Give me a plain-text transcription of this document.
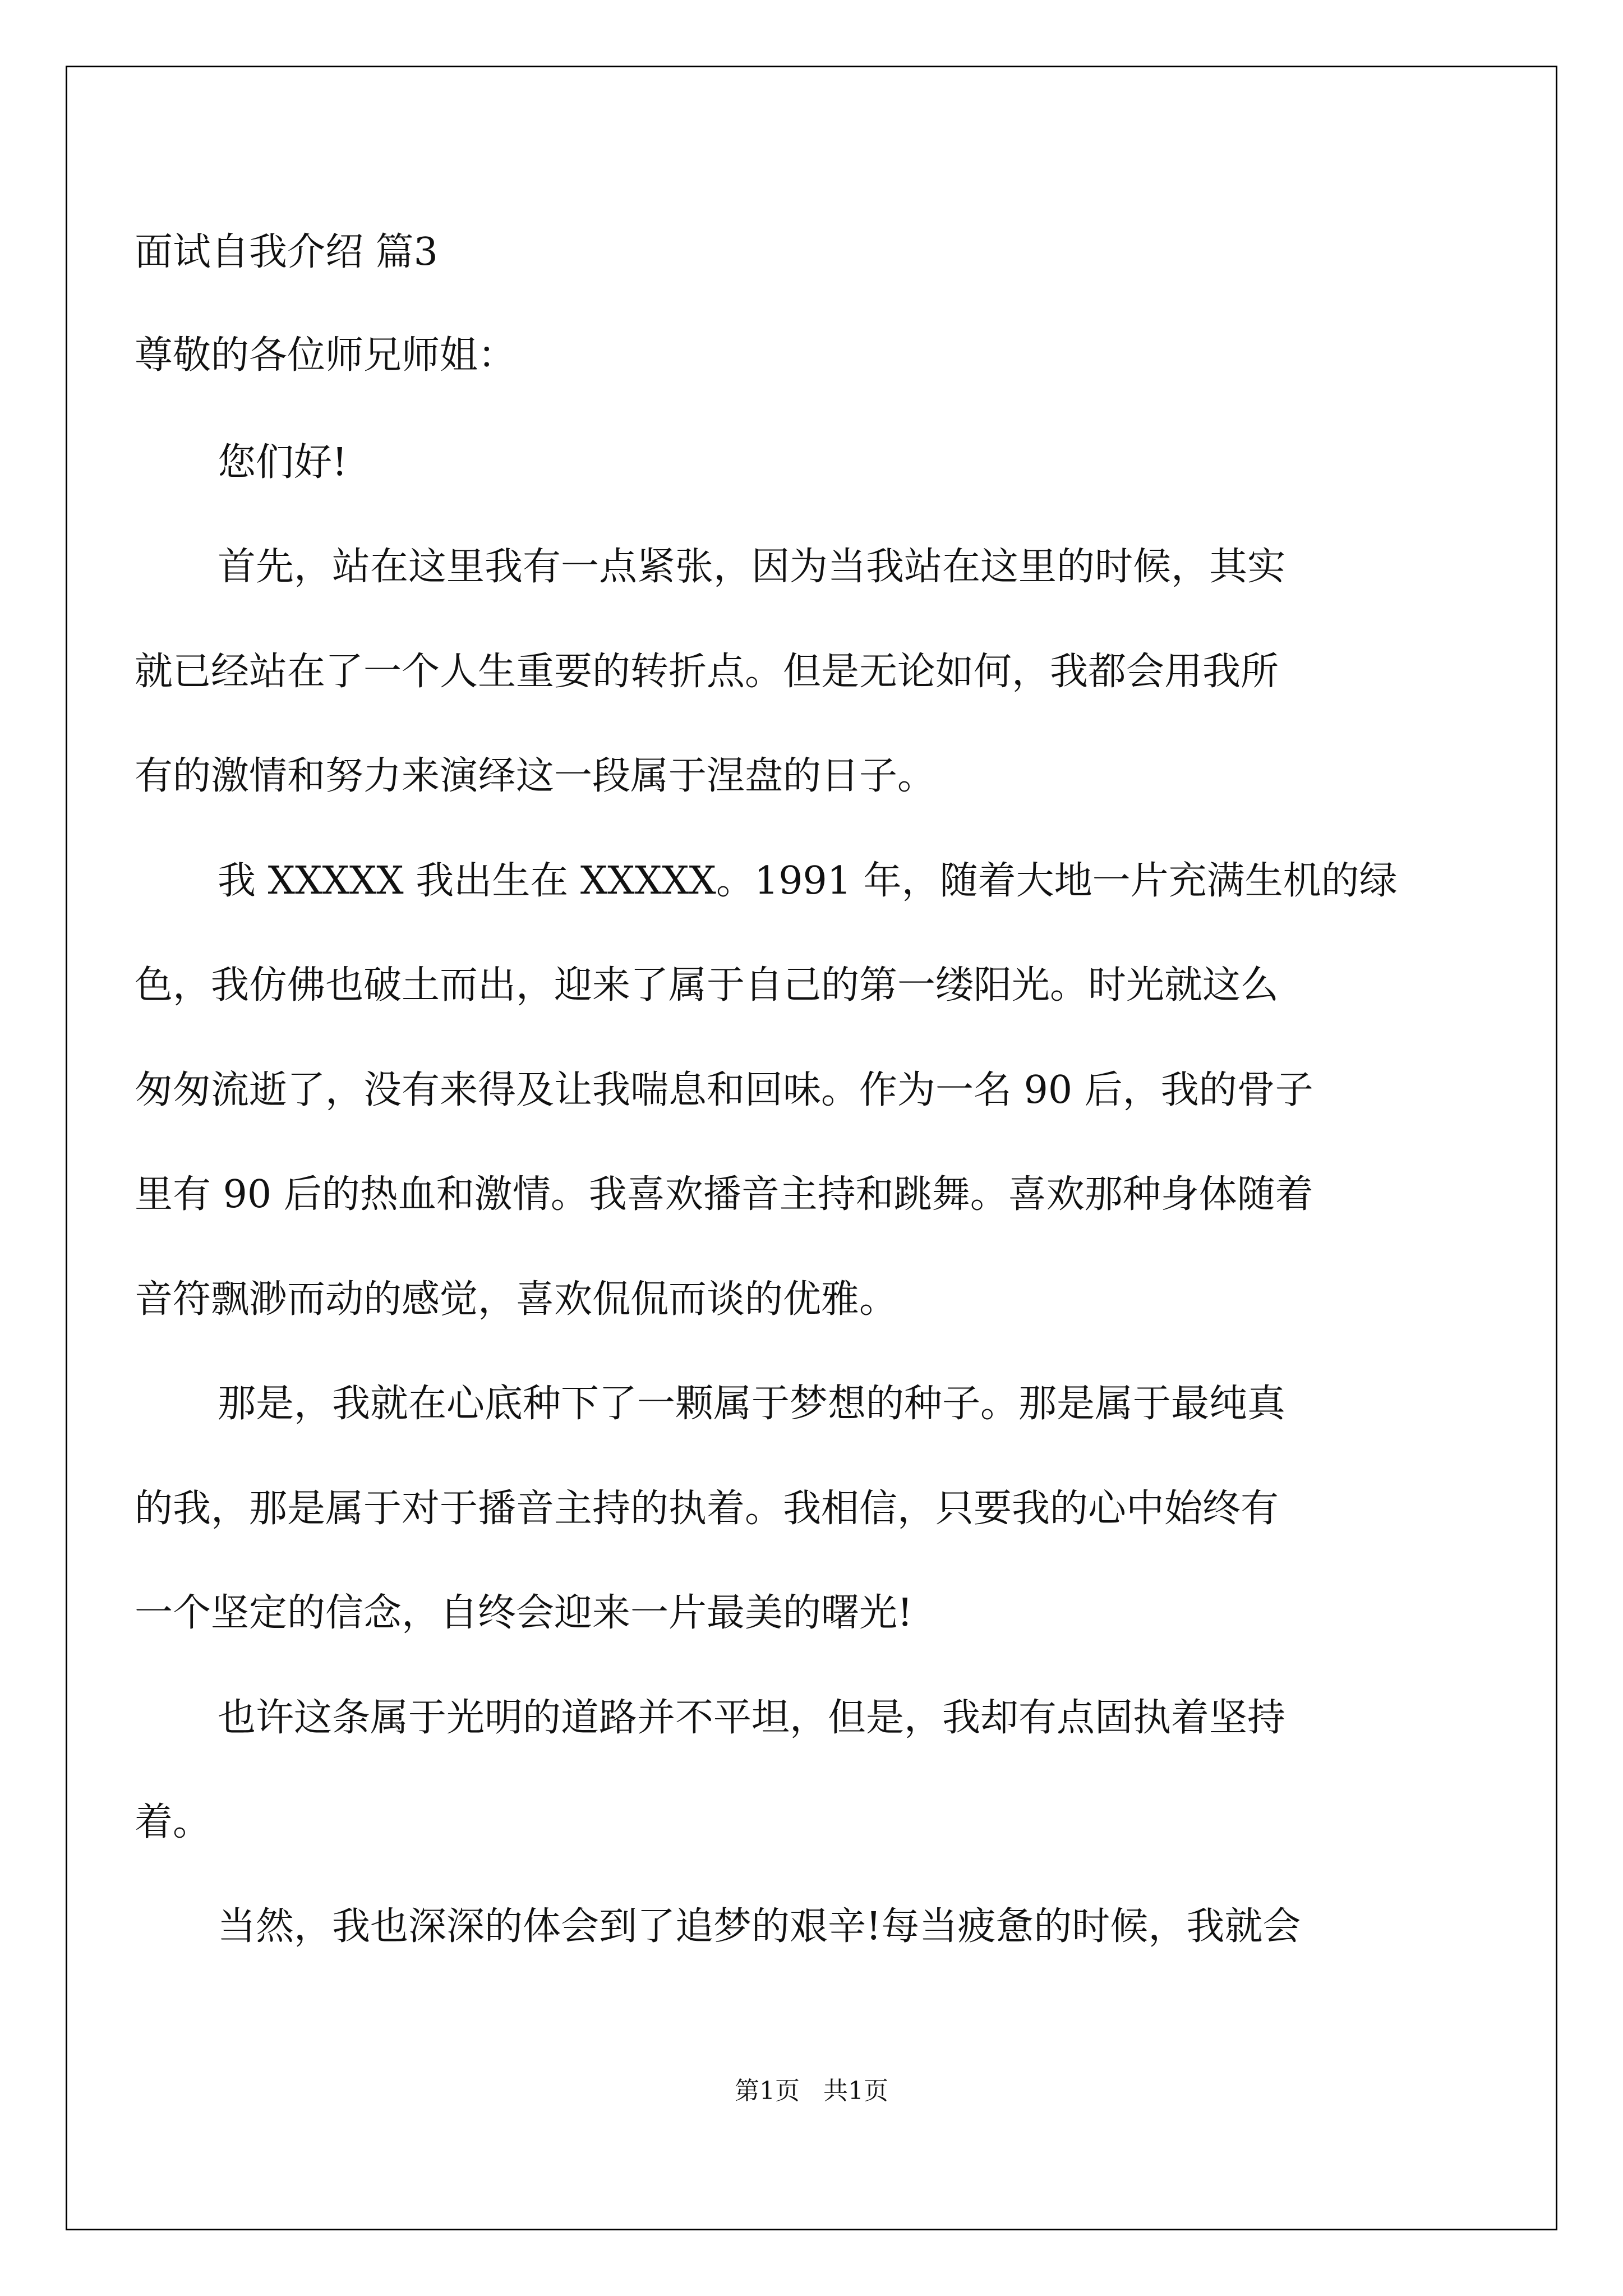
面试自我介绍 篇3
尊敬的各位师兄师姐：
您们好!
首先，站在这里我有一点紧张，因为当我站在这里的时候，其实
就已经站在了一个人生重要的转折点。但是无论如何，我都会用我所
有的激情和努力来演绎这一段属于涅盘的日子。
我 XXXXX 我出生在 XXXXX。1991 年，随着大地一片充满生机的绿
色，我仿佛也破土而出，迎来了属于自己的第一缕阳光。时光就这么
匆匆流逝了，没有来得及让我喘息和回味。作为一名 90 后，我的骨子
里有 90 后的热血和激情。我喜欢播音主持和跳舞。喜欢那种身体随着
音符飘渺而动的感觉，喜欢侃侃而谈的优雅。
那是，我就在心底种下了一颗属于梦想的种子。那是属于最纯真
的我，那是属于对于播音主持的执着。我相信，只要我的心中始终有
一个坚定的信念，自终会迎来一片最美的曙光!
也许这条属于光明的道路并不平坦，但是，我却有点固执着坚持
着。
当然，我也深深的体会到了追梦的艰辛!每当疲惫的时候，我就会
第1页   共1页
